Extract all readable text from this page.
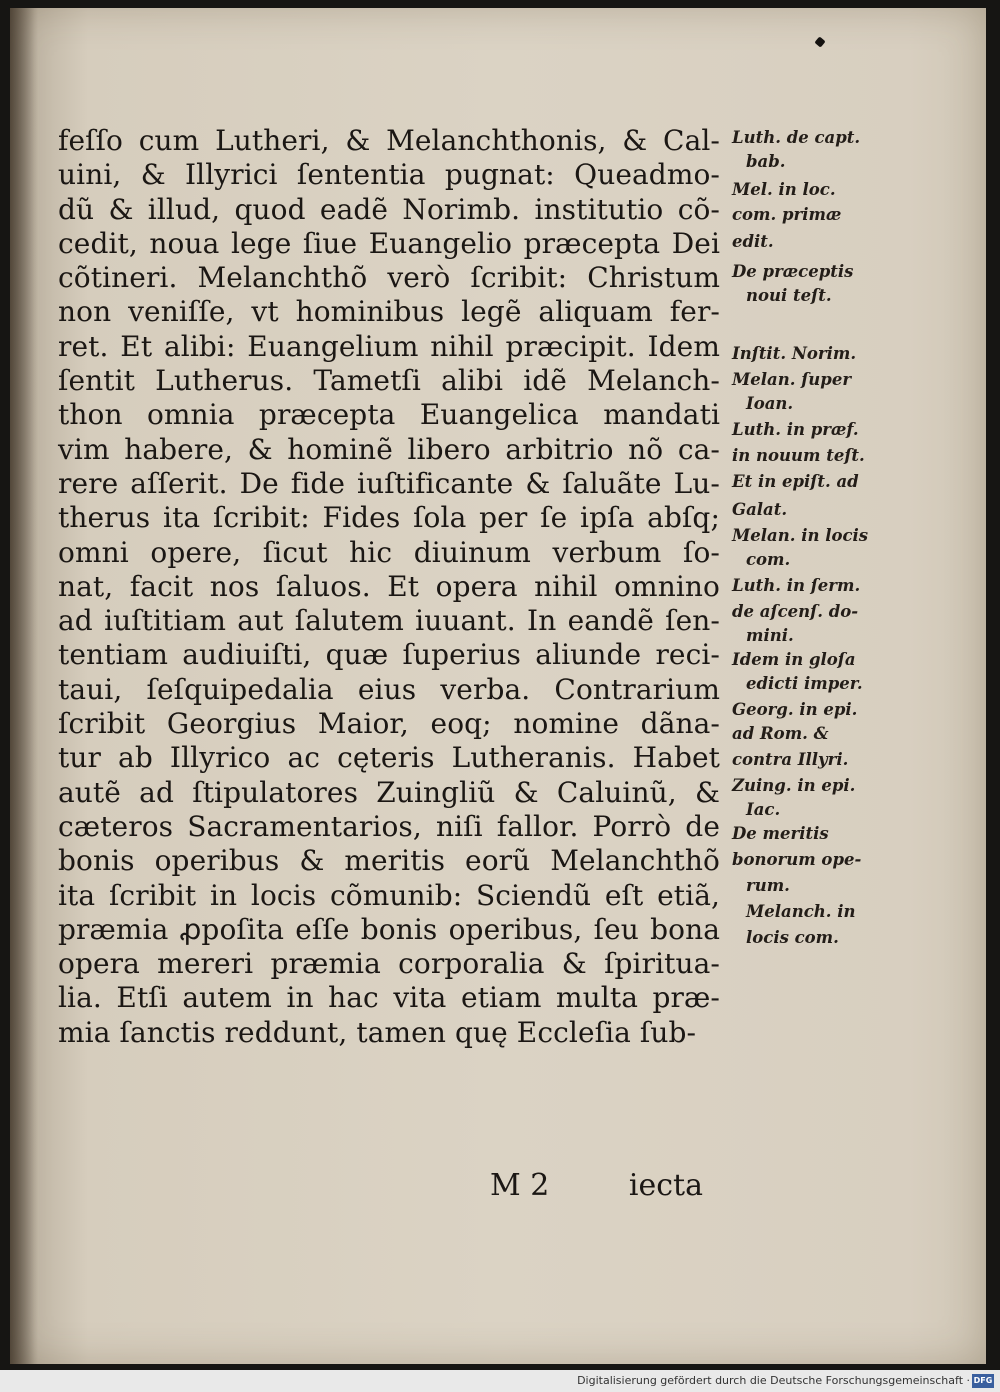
feſſo cum Lutheri, & Melanchthonis, & Cal-
uini, & Illyrici ſententia pugnat: Queadmo-
dũ & illud, quod eadẽ Norimb. institutio cõ-
cedit, noua lege ſiue Euangelio præcepta Dei
cõtineri. Melanchthõ verò ſcribit: Christum
non veniſſe, vt hominibus legẽ aliquam fer-
ret. Et alibi: Euangelium nihil præcipit. Idem
ſentit Lutherus. Tametſi alibi idẽ Melanch-
thon omnia præcepta Euangelica mandati
vim habere, & hominẽ libero arbitrio nõ ca-
rere aſſerit. De fide iuſtificante & ſaluãte Lu-
therus ita ſcribit: Fides ſola per ſe ipſa abſq;
omni opere, ſicut hic diuinum verbum ſo-
nat, facit nos ſaluos. Et opera nihil omnino
ad iuſtitiam aut ſalutem iuuant. In eandẽ ſen-
tentiam audiuiſti, quæ ſuperius aliunde reci-
taui, ſeſquipedalia eius verba. Contrarium
ſcribit Georgius Maior, eoq; nomine dãna-
tur ab Illyrico ac cęteris Lutheranis. Habet
autẽ ad ſtipulatores Zuingliũ & Caluinũ, &
cæteros Sacramentarios, niſi fallor. Porrò de
bonis operibus & meritis eorũ Melanchthõ
ita ſcribit in locis cõmunib: Sciendũ eſt etiã,
præmia ꝓpoſita eſſe bonis operibus, ſeu bona
opera mereri præmia corporalia & ſpiritua-
lia. Etſi autem in hac vita etiam multa præ-
mia ſanctis reddunt, tamen quę Eccleſia ſub-
Luth. de capt.
bab.
Mel. in loc.
com. primæ
edit.
De præceptis
noui teſt.
Inſtit. Norim.
Melan. ſuper
Ioan.
Luth. in præf.
in nouum teſt.
Et in epiſt. ad
Galat.
Melan. in locis
com.
Luth. in ſerm.
de aſcenſ. do-
mini.
Idem in gloſa
edicti imper.
Georg. in epi.
ad Rom. &
contra Illyri.
Zuing. in epi.
Iac.
De meritis
bonorum ope-
rum.
Melanch. in
locis com.
M 2	iecta
Digitalisierung gefördert durch die Deutsche Forschungsgemeinschaft · DFG
